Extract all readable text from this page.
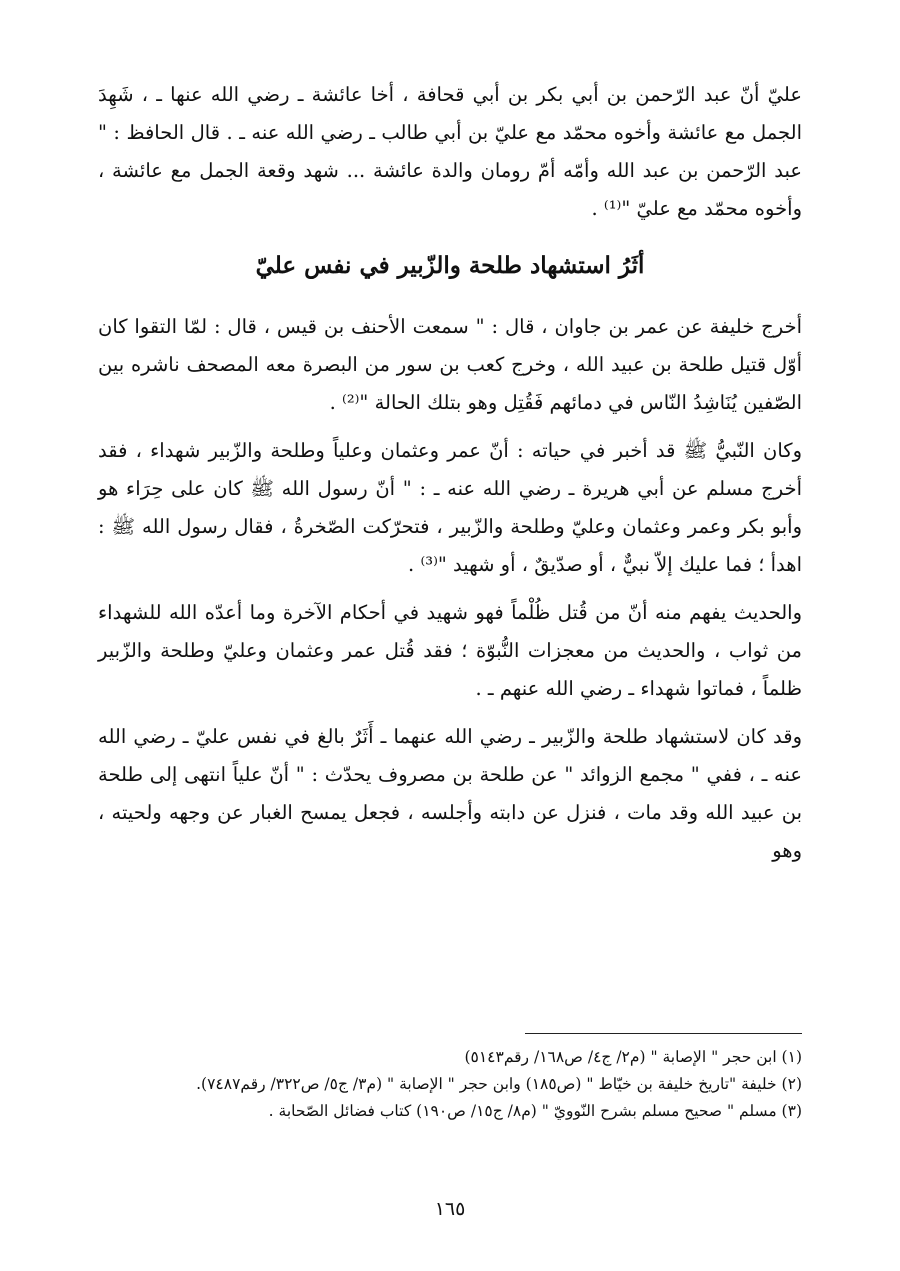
عليّ أنّ عبد الرّحمن بن أبي بكر بن أبي قحافة ، أخا عائشة ـ رضي الله عنها ـ ، شَهِدَ الجمل مع عائشة وأخوه محمّد مع عليّ بن أبي طالب ـ رضي الله عنه ـ . قال الحافظ : " عبد الرّحمن بن عبد الله وأمّه أمّ رومان والدة عائشة ... شهد وقعة الجمل مع عائشة ، وأخوه محمّد مع عليّ "⁽¹⁾ .

أثَرُ استشهاد طلحة والزّبير في نفس عليّ

أخرج خليفة عن عمر بن جاوان ، قال : " سمعت الأحنف بن قيس ، قال : لمّا التقوا كان أوّل قتيل طلحة بن عبيد الله ، وخرج كعب بن سور من البصرة معه المصحف ناشره بين الصّفين يُنَاشِدُ النّاس في دمائهم فَقُتِل وهو بتلك الحالة "⁽²⁾ .

وكان النّبيُّ ﷺ قد أخبر في حياته : أنّ عمر وعثمان وعلياً وطلحة والزّبير شهداء ، فقد أخرج مسلم عن أبي هريرة ـ رضي الله عنه ـ : " أنّ رسول الله ﷺ كان على حِرَاء هو وأبو بكر وعمر وعثمان وعليّ وطلحة والزّبير ، فتحرّكت الصّخرةُ ، فقال رسول الله ﷺ : اهدأ ؛ فما عليك إلاّ نبيٌّ ، أو صدّيقٌ ، أو شهيد "⁽³⁾ .

والحديث يفهم منه أنّ من قُتل ظُلْماً فهو شهيد في أحكام الآخرة وما أعدّه الله للشهداء من ثواب ، والحديث من معجزات النُّبوّة ؛ فقد قُتل عمر وعثمان وعليّ وطلحة والزّبير ظلماً ، فماتوا شهداء ـ رضي الله عنهم ـ .

وقد كان لاستشهاد طلحة والزّبير ـ رضي الله عنهما ـ أَثَرٌ بالغ في نفس عليّ ـ رضي الله عنه ـ ، ففي " مجمع الزوائد " عن طلحة بن مصروف يحدّث : " أنّ علياً انتهى إلى طلحة بن عبيد الله وقد مات ، فنزل عن دابته وأجلسه ، فجعل يمسح الغبار عن وجهه ولحيته ، وهو

(١) ابن حجر " الإصابة " (م٢/ ج٤/ ص١٦٨/ رقم٥١٤٣)
(٢) خليفة "تاريخ خليفة بن خيّاط " (ص١٨٥) وابن حجر " الإصابة " (م٣/ ج٥/ ص٣٢٢/ رقم٧٤٨٧).
(٣) مسلم " صحيح مسلم بشرح النّوويّ " (م٨/ ج١٥/ ص١٩٠) كتاب فضائل الصّحابة .
١٦٥
